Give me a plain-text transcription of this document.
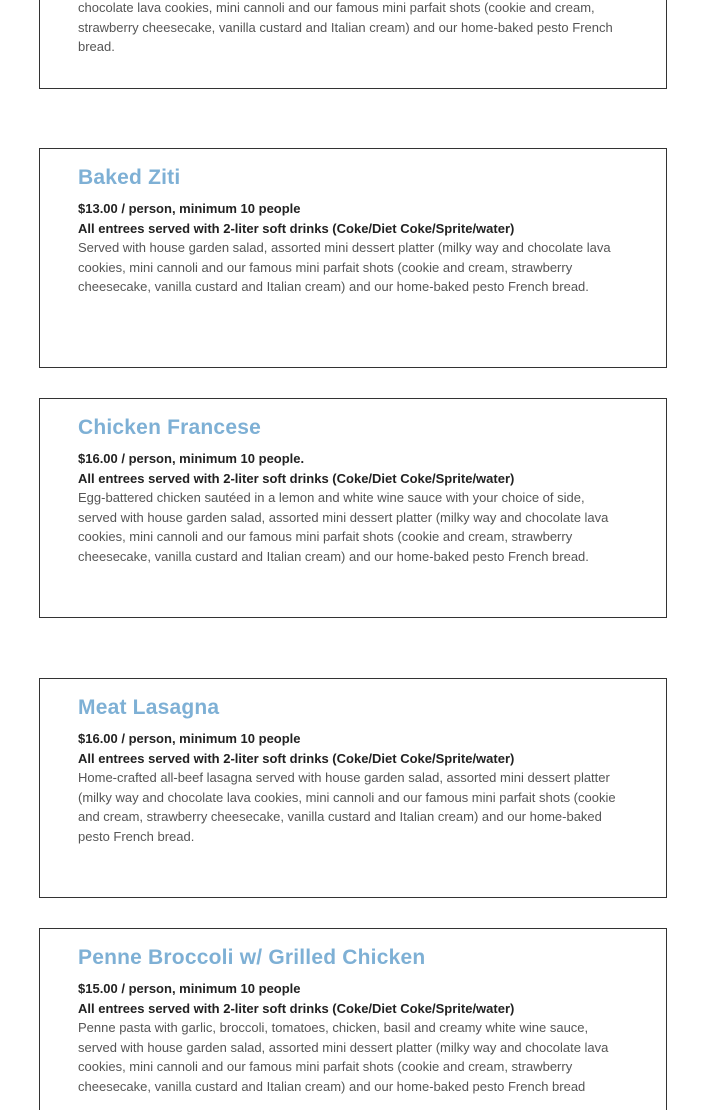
chocolate lava cookies, mini cannoli and our famous mini parfait shots (cookie and cream, strawberry cheesecake, vanilla custard and Italian cream) and our home-baked pesto French bread.

Baked Ziti

$13.00 / person, minimum 10 people

All entrees served with 2-liter soft drinks (Coke/Diet Coke/Sprite/water)

Served with house garden salad, assorted mini dessert platter (milky way and chocolate lava cookies, mini cannoli and our famous mini parfait shots (cookie and cream, strawberry cheesecake, vanilla custard and Italian cream) and our home-baked pesto French bread.

Chicken Francese

$16.00 / person, minimum 10 people.

All entrees served with 2-liter soft drinks (Coke/Diet Coke/Sprite/water)

Egg-battered chicken sautéed in a lemon and white wine sauce with your choice of side, served with house garden salad, assorted mini dessert platter (milky way and chocolate lava cookies, mini cannoli and our famous mini parfait shots (cookie and cream, strawberry cheesecake, vanilla custard and Italian cream) and our home-baked pesto French bread.

Meat Lasagna

$16.00 / person, minimum 10 people

All entrees served with 2-liter soft drinks (Coke/Diet Coke/Sprite/water)

Home-crafted all-beef lasagna served with house garden salad, assorted mini dessert platter (milky way and chocolate lava cookies, mini cannoli and our famous mini parfait shots (cookie and cream, strawberry cheesecake, vanilla custard and Italian cream) and our home-baked pesto French bread.

Penne Broccoli w/ Grilled Chicken

$15.00 / person, minimum 10 people

All entrees served with 2-liter soft drinks (Coke/Diet Coke/Sprite/water)

Penne pasta with garlic, broccoli, tomatoes, chicken, basil and creamy white wine sauce, served with house garden salad, assorted mini dessert platter (milky way and chocolate lava cookies, mini cannoli and our famous mini parfait shots (cookie and cream, strawberry cheesecake, vanilla custard and Italian cream) and our home-baked pesto French bread
